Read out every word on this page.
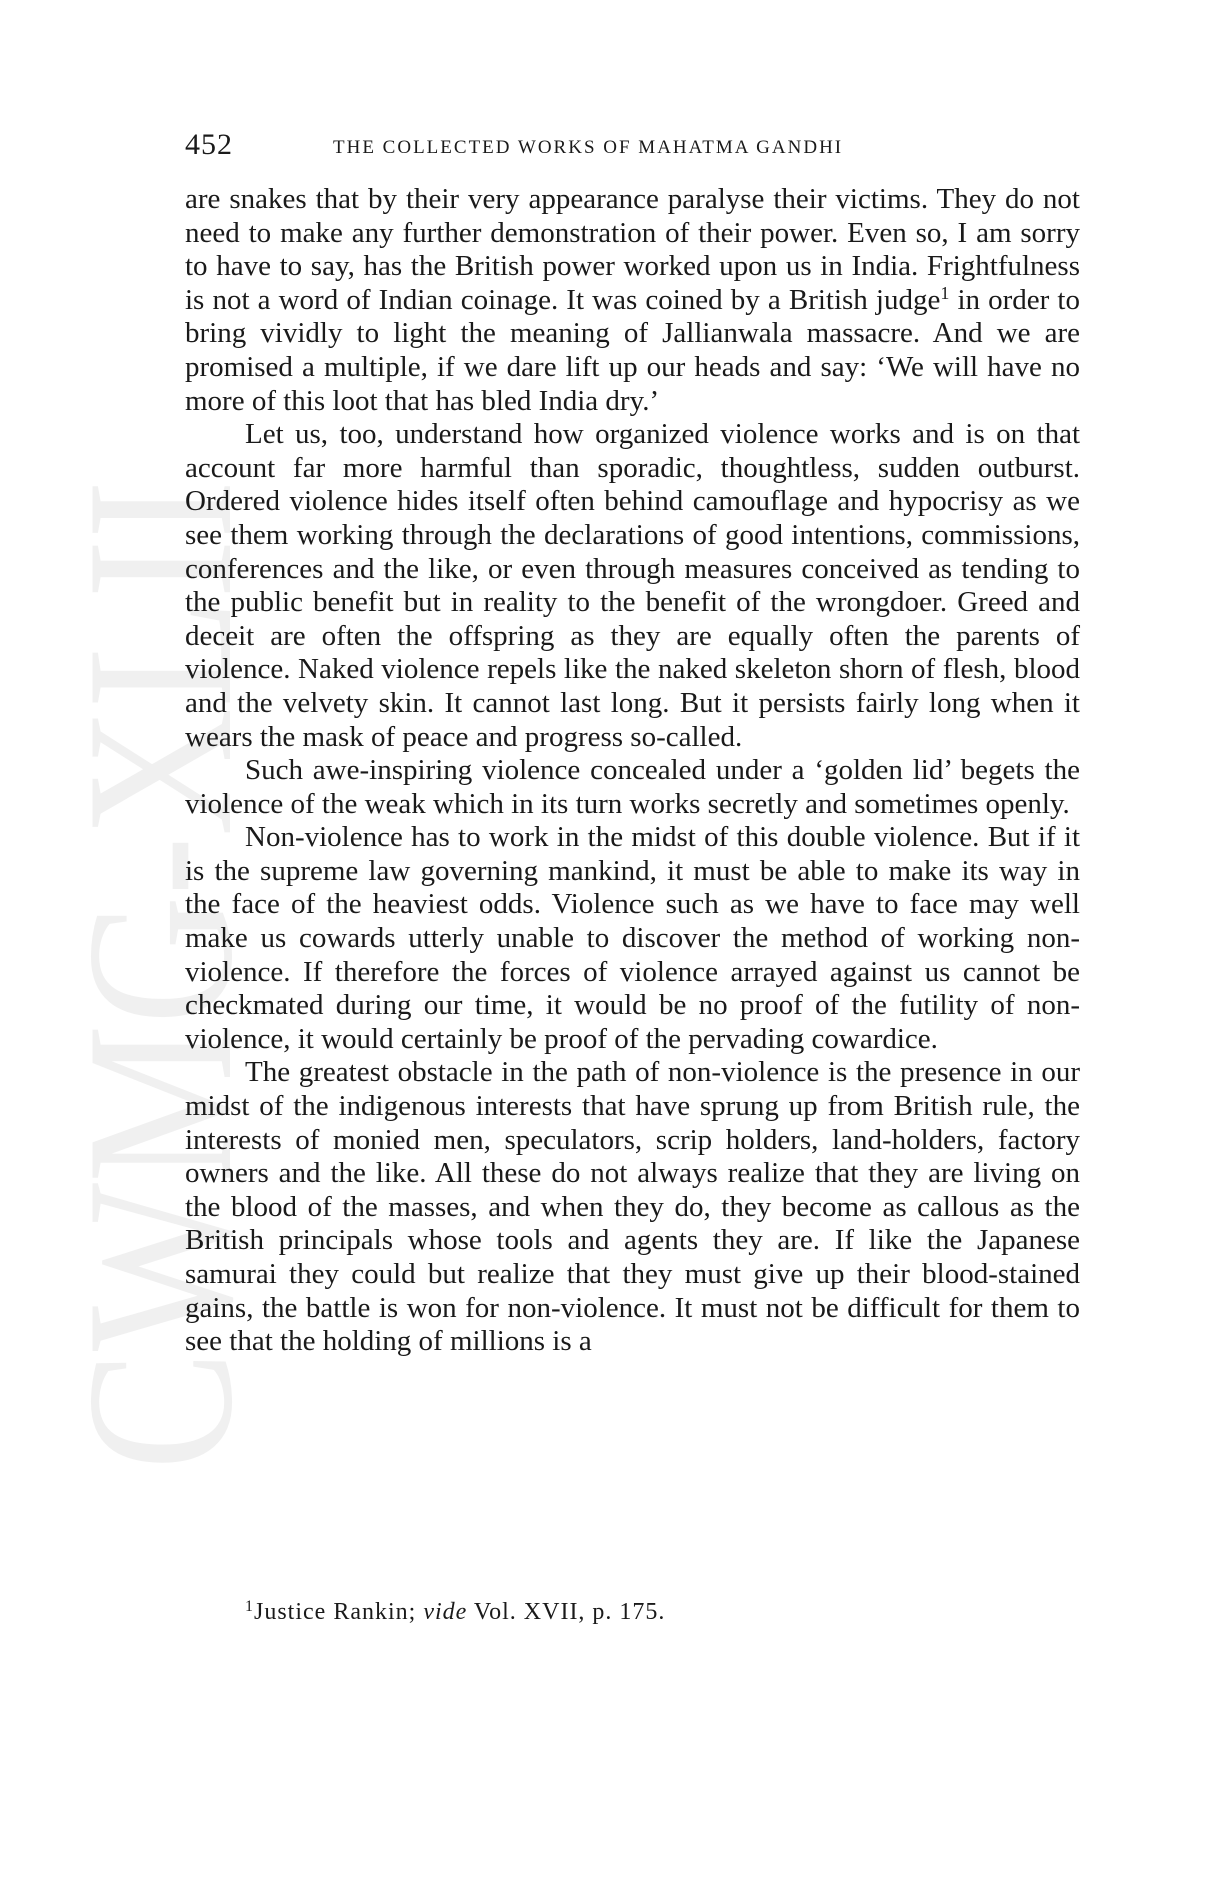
CWMG-XLII
452	THE COLLECTED WORKS OF MAHATMA GANDHI

are snakes that by their very appearance paralyse their victims. They do not need to make any further demonstration of their power. Even so, I am sorry to have to say, has the British power worked upon us in India. Frightfulness is not a word of Indian coinage. It was coined by a British judge$^1$ in order to bring vividly to light the meaning of Jallianwala massacre. And we are promised a multiple, if we dare lift up our heads and say: ‘We will have no more of this loot that has bled India dry.’

Let us, too, understand how organized violence works and is on that account far more harmful than sporadic, thoughtless, sudden outburst. Ordered violence hides itself often behind camouflage and hypocrisy as we see them working through the declarations of good intentions, commissions, conferences and the like, or even through measures conceived as tending to the public benefit but in reality to the benefit of the wrongdoer. Greed and deceit are often the offspring as they are equally often the parents of violence. Naked violence repels like the naked skeleton shorn of flesh, blood and the velvety skin. It cannot last long. But it persists fairly long when it wears the mask of peace and progress so-called.

Such awe-inspiring violence concealed under a ‘golden lid’ begets the violence of the weak which in its turn works secretly and sometimes openly.

Non-violence has to work in the midst of this double violence. But if it is the supreme law governing mankind, it must be able to make its way in the face of the heaviest odds. Violence such as we have to face may well make us cowards utterly unable to discover the method of working non-violence. If therefore the forces of violence arrayed against us cannot be checkmated during our time, it would be no proof of the futility of non-violence, it would certainly be proof of the pervading cowardice.

The greatest obstacle in the path of non-violence is the presence in our midst of the indigenous interests that have sprung up from British rule, the interests of monied men, speculators, scrip holders, land-holders, factory owners and the like. All these do not always realize that they are living on the blood of the masses, and when they do, they become as callous as the British principals whose tools and agents they are. If like the Japanese samurai they could but realize that they must give up their blood-stained gains, the battle is won for non-violence. It must not be difficult for them to see that the holding of millions is a

$^1$Justice Rankin; vide Vol. XVII, p. 175.
